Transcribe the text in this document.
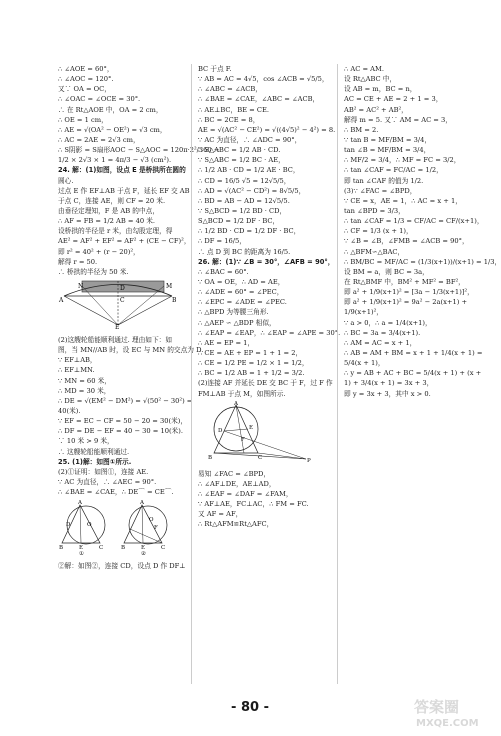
∴ ∠AOE = 60°，
∴ ∠AOC = 120°.
又∵ OA = OC，
∴ ∠OAC = ∠OCE = 30°.
∴ 在 Rt△AOE 中，OA = 2 cm，
∴ OE = 1 cm，
∴ AE = √(OA² − OE²) = √3 cm，
∴ AC = 2AE = 2√3 cm，
∴ S阴影 = S扇形AOC − S△AOC = 120π·2²/360 −
1/2 × 2√3 × 1 = 4π/3 − √3 (cm²).
24. 解：(1)如图，设点 E 是桥拱所在圆的
圆心.
过点 E 作 EF⊥AB 于点 F，延长 EF 交 AB
于点 C，连接 AE，则 CF = 20 米.
由垂径定理知，F 是 AB 的中点，
∴ AF = FB = 1/2 AB = 40 米.
设桥拱的半径是 r 米，由勾股定理，得
AE² = AF² + EF² = AF² + (CE − CF)²，
即 r² = 40² + (r − 20)²，
解得 r = 50.
∴ 桥拱的半径为 50 米.
N	M
A
D
B
C
E
(2)这艘轮船能顺利通过. 理由如下：如
图，当 MN//AB 时，设 EC 与 MN 的交点为 D.
∵ EF⊥AB，
∴ EF⊥MN.
∵ MN = 60 米，
∴ MD = 30 米，
∴ DE = √(EM² − DM²) = √(50² − 30²) =
40(米).
∵ EF = EC − CF = 50 − 20 = 30(米)，
∴ DF = DE − EF = 40 − 30 = 10(米).
∵ 10 米 > 9 米，
∴ 这艘轮船能顺利通过.
25. (1)解：如图①所示.
(2)①证明：如图①，连接 AE.
∵ AC 为直径，∴ ∠AEC = 90°.
∴ ∠BAE = ∠CAE，∴ DE⌒ = CE⌒.
A
D	O
B	E	C
①
A
F
O
B	E	C
②
②解：如图②，连接 CD，设点 D 作 DF⊥
BC 于点 F.
∵ AB = AC = 4√5，cos ∠ACB = √5/5，
∴ ∠ABC = ∠ACB，
∴ ∠BAE = ∠CAE，∠ABC = ∠ACB，
∴ AE⊥BC，BE = CE.
∴ BC = 2CE = 8，
AE = √(AC² − CE²) = √((4√5)² − 4²) = 8.
∵ AC 为直径，∴ ∠ADC = 90°，
∴ S△ABC = 1/2 AB · CD.
∵ S△ABC = 1/2 BC · AE，
∴ 1/2 AB · CD = 1/2 AE · BC，
∴ CD = 16/5 √5 = 12√5/5，
∴ AD = √(AC² − CD²) = 8√5/5，
∴ BD = AB − AD = 12√5/5.
∵ S△BCD = 1/2 BD · CD，
S△BCD = 1/2 DF · BC，
∴ 1/2 BD · CD = 1/2 DF · BC，
∴ DF = 16/5，
∴ 点 D 到 BC 的距离为 16/5.
26. 解：(1)∵ ∠B = 30°，∠AFB = 90°，
∴ ∠BAC = 60°.
∵ OA = OE，∴ AD = AE，
∴ ∠ADE = 60° = ∠PEC，
∴ ∠EPC = ∠ADE = ∠PEC.
∴ △BPD 为等腰三角形.
∴ △AEP ∽ △BDP 相似，
∴ ∠EAP = ∠EAP，∴ ∠EAP = ∠APE = 30°.
∴ AE = EP = 1，
∴ CE = AE + EP = 1 + 1 = 2，
∴ CE = 1/2 PE = 1/2 × 1 = 1/2，
∴ BC = 1/2 AB = 1 + 1/2 = 3/2.
(2)连接 AF 并延长 DE 交 BC 于 F，过 F 作
FM⊥AB 于点 M，如图所示.
A
E
D
F
C
B	P
易知 ∠FAC = ∠BPD，
∴ ∠AF⊥DE，AE⊥AD，
∴ ∠EAF = ∠DAF = ∠FAM，
∵ AF⊥AE，FC⊥AC，∴ FM = FC.
又 AF = AF，
∴ Rt△AFM≌Rt△AFC，
∴ AC = AM.
设 Rt△ABC 中，
设 AB = m，BC = n，
AC = CE + AE = 2 + 1 = 3，
AB² = AC² + AB²，
解得 m = 5. 又∵ AM = AC = 3，
∴ BM = 2.
∵ tan B = MF/BM = 3/4，
tan ∠B = MF/BM = 3/4，
∴ MF/2 = 3/4，∴ MF = FC = 3/2，
∴ tan ∠CAF = FC/AC = 1/2，
即 tan ∠CAF 的值为 1/2.
(3)∵ ∠FAC = ∠BPD，
∵ CE = x，AE = 1，∴ AC = x + 1，
tan ∠BPD = 3/3，
∴ tan ∠CAF = 1/3 = CF/AC = CF/(x+1)，
∴ CF = 1/3 (x + 1)，
∵ ∠B = ∠B，∠FMB = ∠ACB = 90°，
∴ △BFM∽△BAC，
∴ BM/BC = MF/AC = (1/3(x+1))/(x+1) = 1/3，
设 BM = a，则 BC = 3a，
在 Rt△BMF 中，BM² + MF² = BF²，
即 a² + 1/9(x+1)² = [3a − 1/3(x+1)]²，
即 a² + 1/9(x+1)² = 9a² − 2a(x+1) +
1/9(x+1)²，
∵ a > 0，∴ a = 1/4(x+1)，
∴ BC = 3a = 3/4(x+1).
∴ AM = AC = x + 1，
∴ AB = AM + BM = x + 1 + 1/4(x + 1) =
5/4(x + 1)，
∴ y = AB + AC + BC = 5/4(x + 1) + (x +
1) + 3/4(x + 1) = 3x + 3，
即 y = 3x + 3，其中 x > 0.
- 80 -	答案圈
MXQE.COM
